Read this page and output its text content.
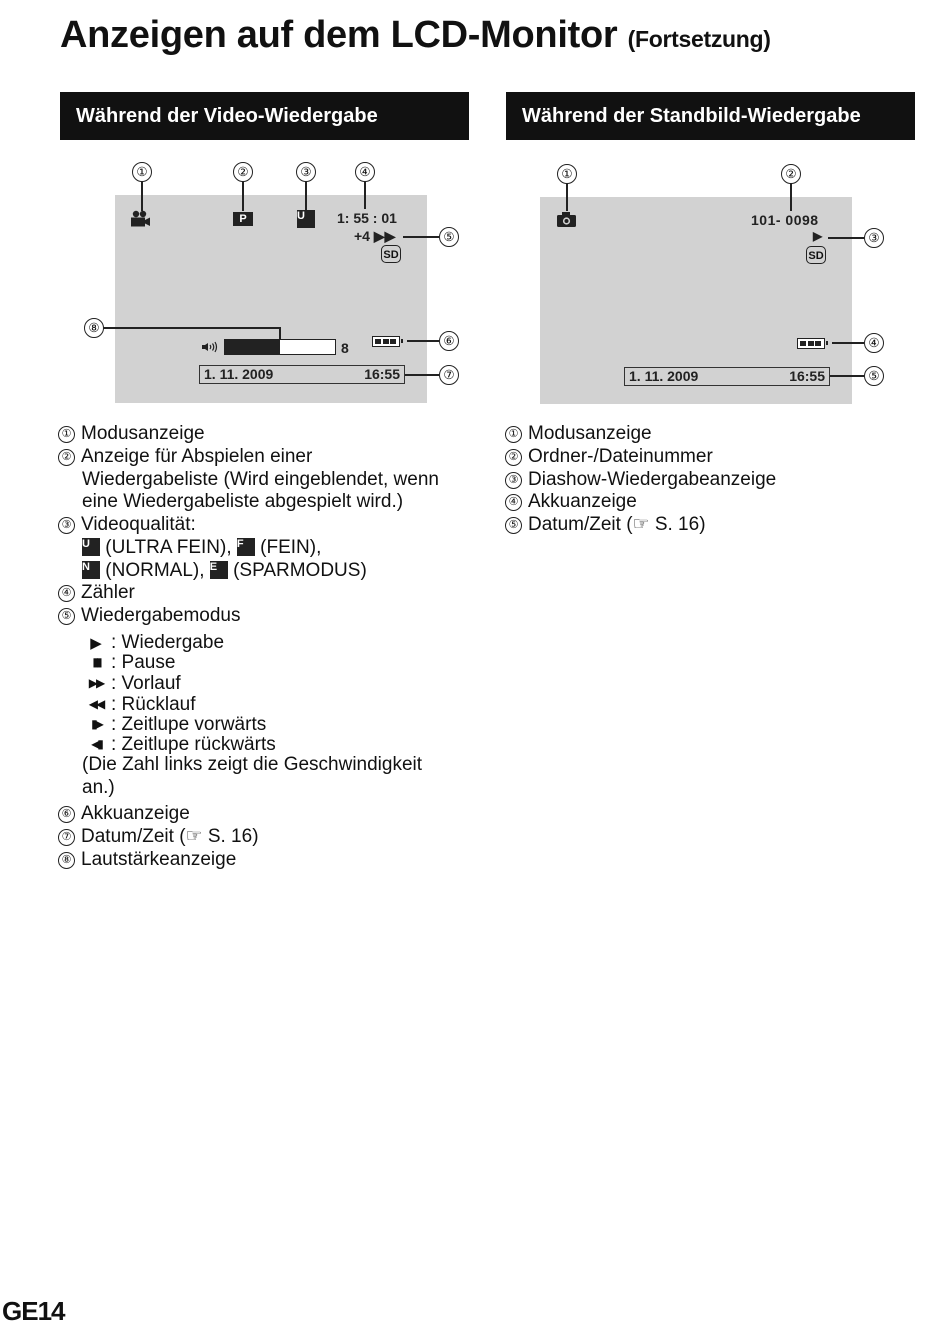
Anzeigen auf dem LCD-Monitor (Fortsetzung)
Während der Video-Wiedergabe	Während der Standbild-Wiedergabe
①	②	③	④
⑤
⑥
⑦
⑧
P	U 1: 55 : 01
+4 ▶▶
SD
8
1. 11. 2009	16:55
①	②
③
④
⑤
101- 0098
▶
SD
1. 11. 2009	16:55
① Modusanzeige
② Anzeige für Abspielen einer
Wiedergabeliste (Wird eingeblendet, wenn
eine Wiedergabeliste abgespielt wird.)
③ Videoqualität:
U (ULTRA FEIN), F (FEIN),
N (NORMAL), E (SPARMODUS)
④ Zähler
⑤ Wiedergabemodus
▶ : Wiedergabe
▮▮ : Pause
▶▶ : Vorlauf
◀◀ : Rücklauf
▮▶ : Zeitlupe vorwärts
◀▮ : Zeitlupe rückwärts
(Die Zahl links zeigt die Geschwindigkeit
an.)
⑥ Akkuanzeige
⑦ Datum/Zeit (☞ S. 16)
⑧ Lautstärkeanzeige
① Modusanzeige
② Ordner-/Dateinummer
③ Diashow-Wiedergabeanzeige
④ Akkuanzeige
⑤ Datum/Zeit (☞ S. 16)
GE14
